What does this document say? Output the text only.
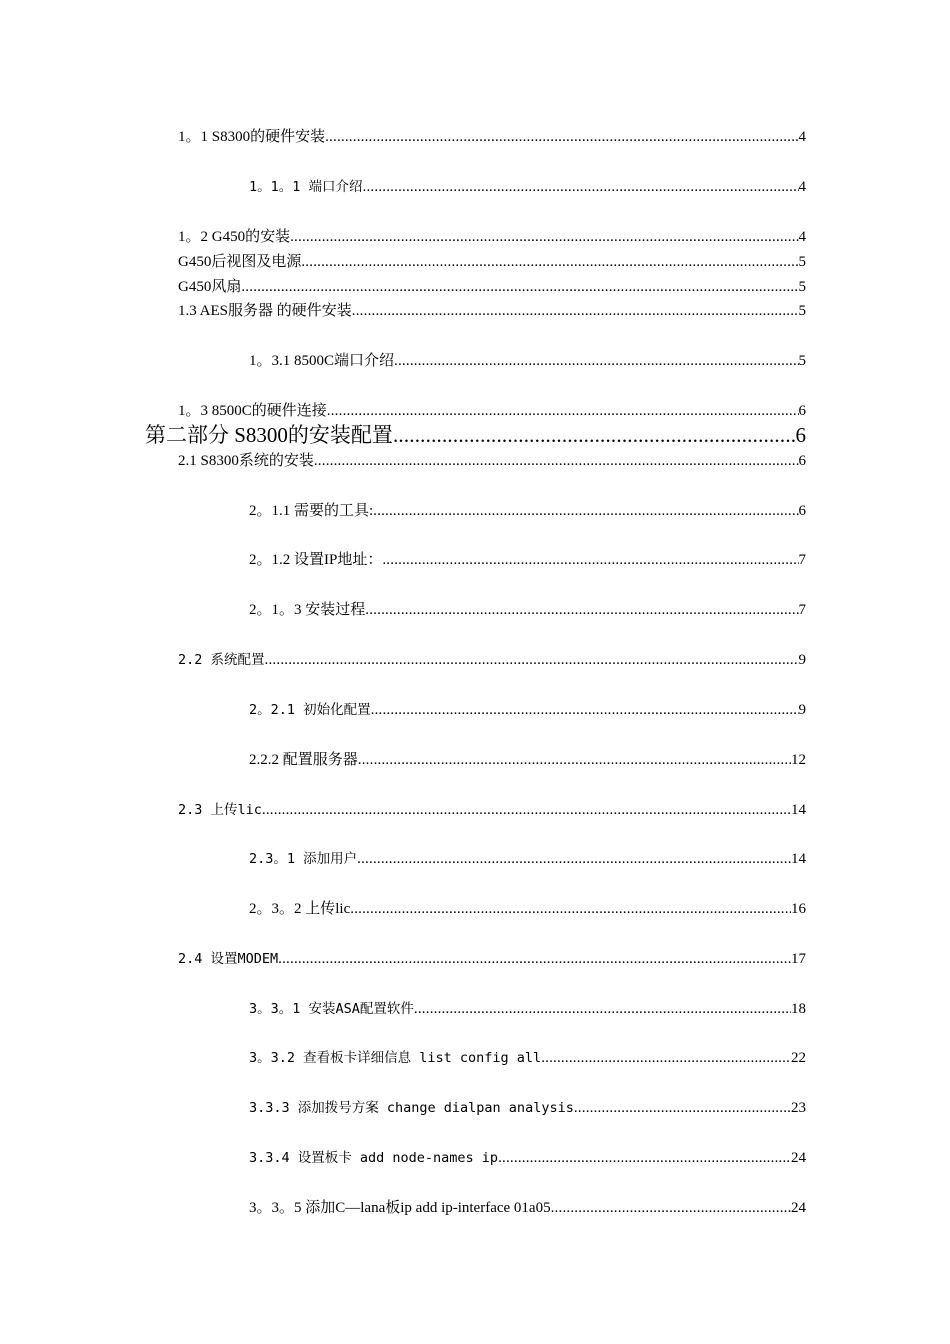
1。1 S8300的硬件安装 .....	4
1。1。1 端口介绍 .....	4
1。2 G450的安装 .....	4
G450后视图及电源 .....	5
G450风扇 .....	5
1.3 AES服务器 的硬件安装 .....	5
1。3.1 8500C端口介绍 .....	5
1。3 8500C的硬件连接 .....	6
第二部分 S8300的安装配置 .....	6
2.1 S8300系统的安装 .....	6
2。1.1 需要的工具: .....	6
2。1.2 设置IP地址： .....	7
2。1。3 安装过程 .....	7
2.2 系统配置 .....	9
2。2.1 初始化配置 .....	9
2.2.2 配置服务器 .....	12
2.3 上传lic .....	14
2.3。1 添加用户 .....	14
2。3。2 上传lic .....	16
2.4 设置MODEM .....	17
3。3。1 安装ASA配置软件 .....	18
3。3.2 查看板卡详细信息 list config all .....	22
3.3.3 添加拨号方案 change dialpan analysis .....	23
3.3.4 设置板卡 add node-names ip .....	24
3。3。5 添加C—lana板ip add ip-interface 01a05 .....	24
